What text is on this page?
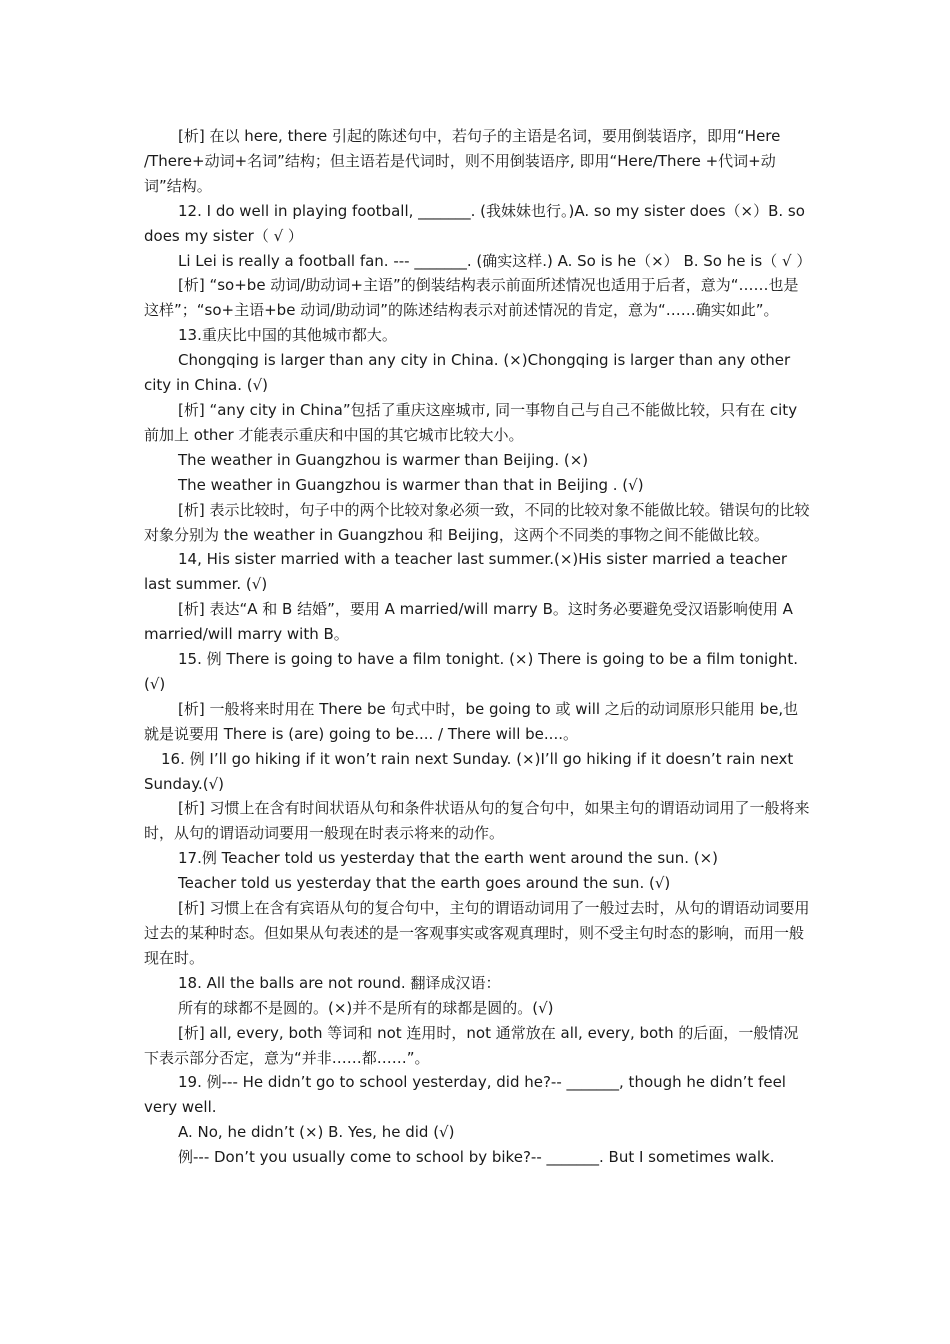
[析] 在以 here, there 引起的陈述句中，若句子的主语是名词，要用倒装语序，即用“Here /There+动词+名词”结构；但主语若是代词时，则不用倒装语序, 即用“Here/There +代词+动词”结构。

12. I do well in playing football, _______. (我妹妹也行。)A. so my sister does（×）B. so does my sister（ √ ）

Li Lei is really a football fan. --- _______. (确实这样.) A. So is he（×） B. So he is（ √ ）

[析] “so+be 动词/助动词+主语”的倒装结构表示前面所述情况也适用于后者，意为“……也是这样”；“so+主语+be 动词/助动词”的陈述结构表示对前述情况的肯定，意为“……确实如此”。

13.重庆比中国的其他城市都大。

Chongqing is larger than any city in China. (×)Chongqing is larger than any other city in China. (√)

[析] “any city in China”包括了重庆这座城市, 同一事物自己与自己不能做比较，只有在 city 前加上 other 才能表示重庆和中国的其它城市比较大小。

The weather in Guangzhou is warmer than Beijing. (×)

The weather in Guangzhou is warmer than that in Beijing . (√)

[析] 表示比较时，句子中的两个比较对象必须一致，不同的比较对象不能做比较。错误句的比较对象分别为 the weather in Guangzhou 和 Beijing，这两个不同类的事物之间不能做比较。

14, His sister married with a teacher last summer.(×)His sister married a teacher last summer. (√)

[析] 表达“A 和 B 结婚”，要用 A married/will marry B。这时务必要避免受汉语影响使用 A married/will marry with B。

15. 例 There is going to have a film tonight. (×) There is going to be a film tonight. (√)

[析] 一般将来时用在 There be 句式中时，be going to 或 will 之后的动词原形只能用 be,也就是说要用 There is (are) going to be.... / There will be....。

16. 例 I’ll go hiking if it won’t rain next Sunday. (×)I’ll go hiking if it doesn’t rain next Sunday.(√)

[析] 习惯上在含有时间状语从句和条件状语从句的复合句中，如果主句的谓语动词用了一般将来时，从句的谓语动词要用一般现在时表示将来的动作。

17.例 Teacher told us yesterday that the earth went around the sun. (×)

Teacher told us yesterday that the earth goes around the sun. (√)

[析] 习惯上在含有宾语从句的复合句中，主句的谓语动词用了一般过去时，从句的谓语动词要用过去的某种时态。但如果从句表述的是一客观事实或客观真理时，则不受主句时态的影响，而用一般现在时。

18. All the balls are not round. 翻译成汉语：

所有的球都不是圆的。(×)并不是所有的球都是圆的。(√)

[析] all, every, both 等词和 not 连用时，not 通常放在 all, every, both 的后面，一般情况下表示部分否定，意为“并非……都……”。

19. 例--- He didn’t go to school yesterday, did he?-- _______, though he didn’t feel very well.

A. No, he didn’t (×) B. Yes, he did (√)

例--- Don’t you usually come to school by bike?-- _______. But I sometimes walk.
